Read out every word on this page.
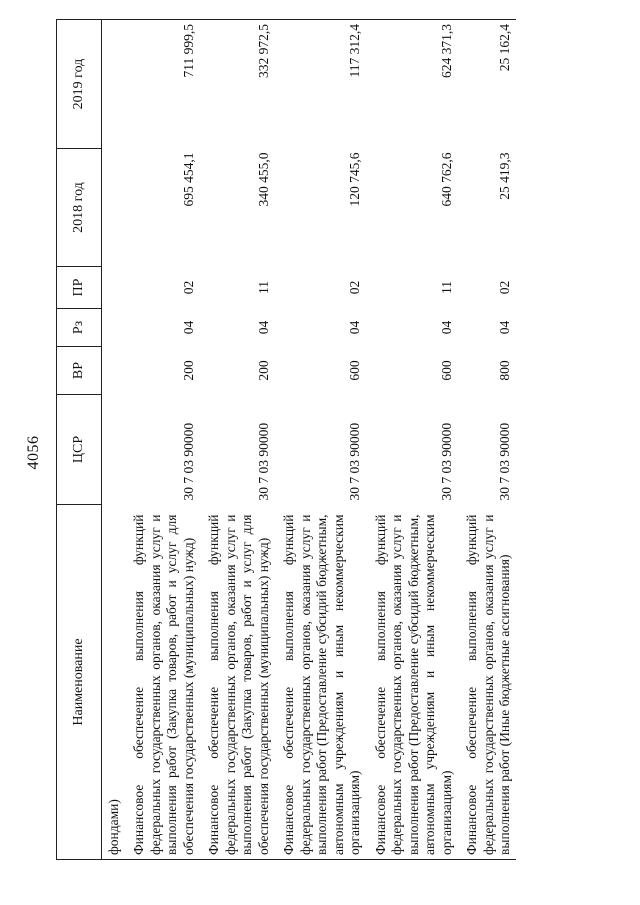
4056
Наименование	ЦСР	ВР	Рз	ПР	2018 год	2019 год
фондами)						
Финансовое обеспечение выполнения функций федеральных государственных органов, оказания услуг и выполнения работ (Закупка товаров, работ и услуг для обеспечения государственных (муниципальных) нужд)	30 7 03 90000	200	04	02	695 454,1	711 999,5
Финансовое обеспечение выполнения функций федеральных государственных органов, оказания услуг и выполнения работ (Закупка товаров, работ и услуг для обеспечения государственных (муниципальных) нужд)	30 7 03 90000	200	04	11	340 455,0	332 972,5
Финансовое обеспечение выполнения функций федеральных государственных органов, оказания услуг и выполнения работ (Предоставление субсидий бюджетным, автономным учреждениям и иным некоммерческим организациям)	30 7 03 90000	600	04	02	120 745,6	117 312,4
Финансовое обеспечение выполнения функций федеральных государственных органов, оказания услуг и выполнения работ (Предоставление субсидий бюджетным, автономным учреждениям и иным некоммерческим организациям)	30 7 03 90000	600	04	11	640 762,6	624 371,3
Финансовое обеспечение выполнения функций федеральных государственных органов, оказания услуг и выполнения работ (Иные бюджетные ассигнования)	30 7 03 90000	800	04	02	25 419,3	25 162,4
